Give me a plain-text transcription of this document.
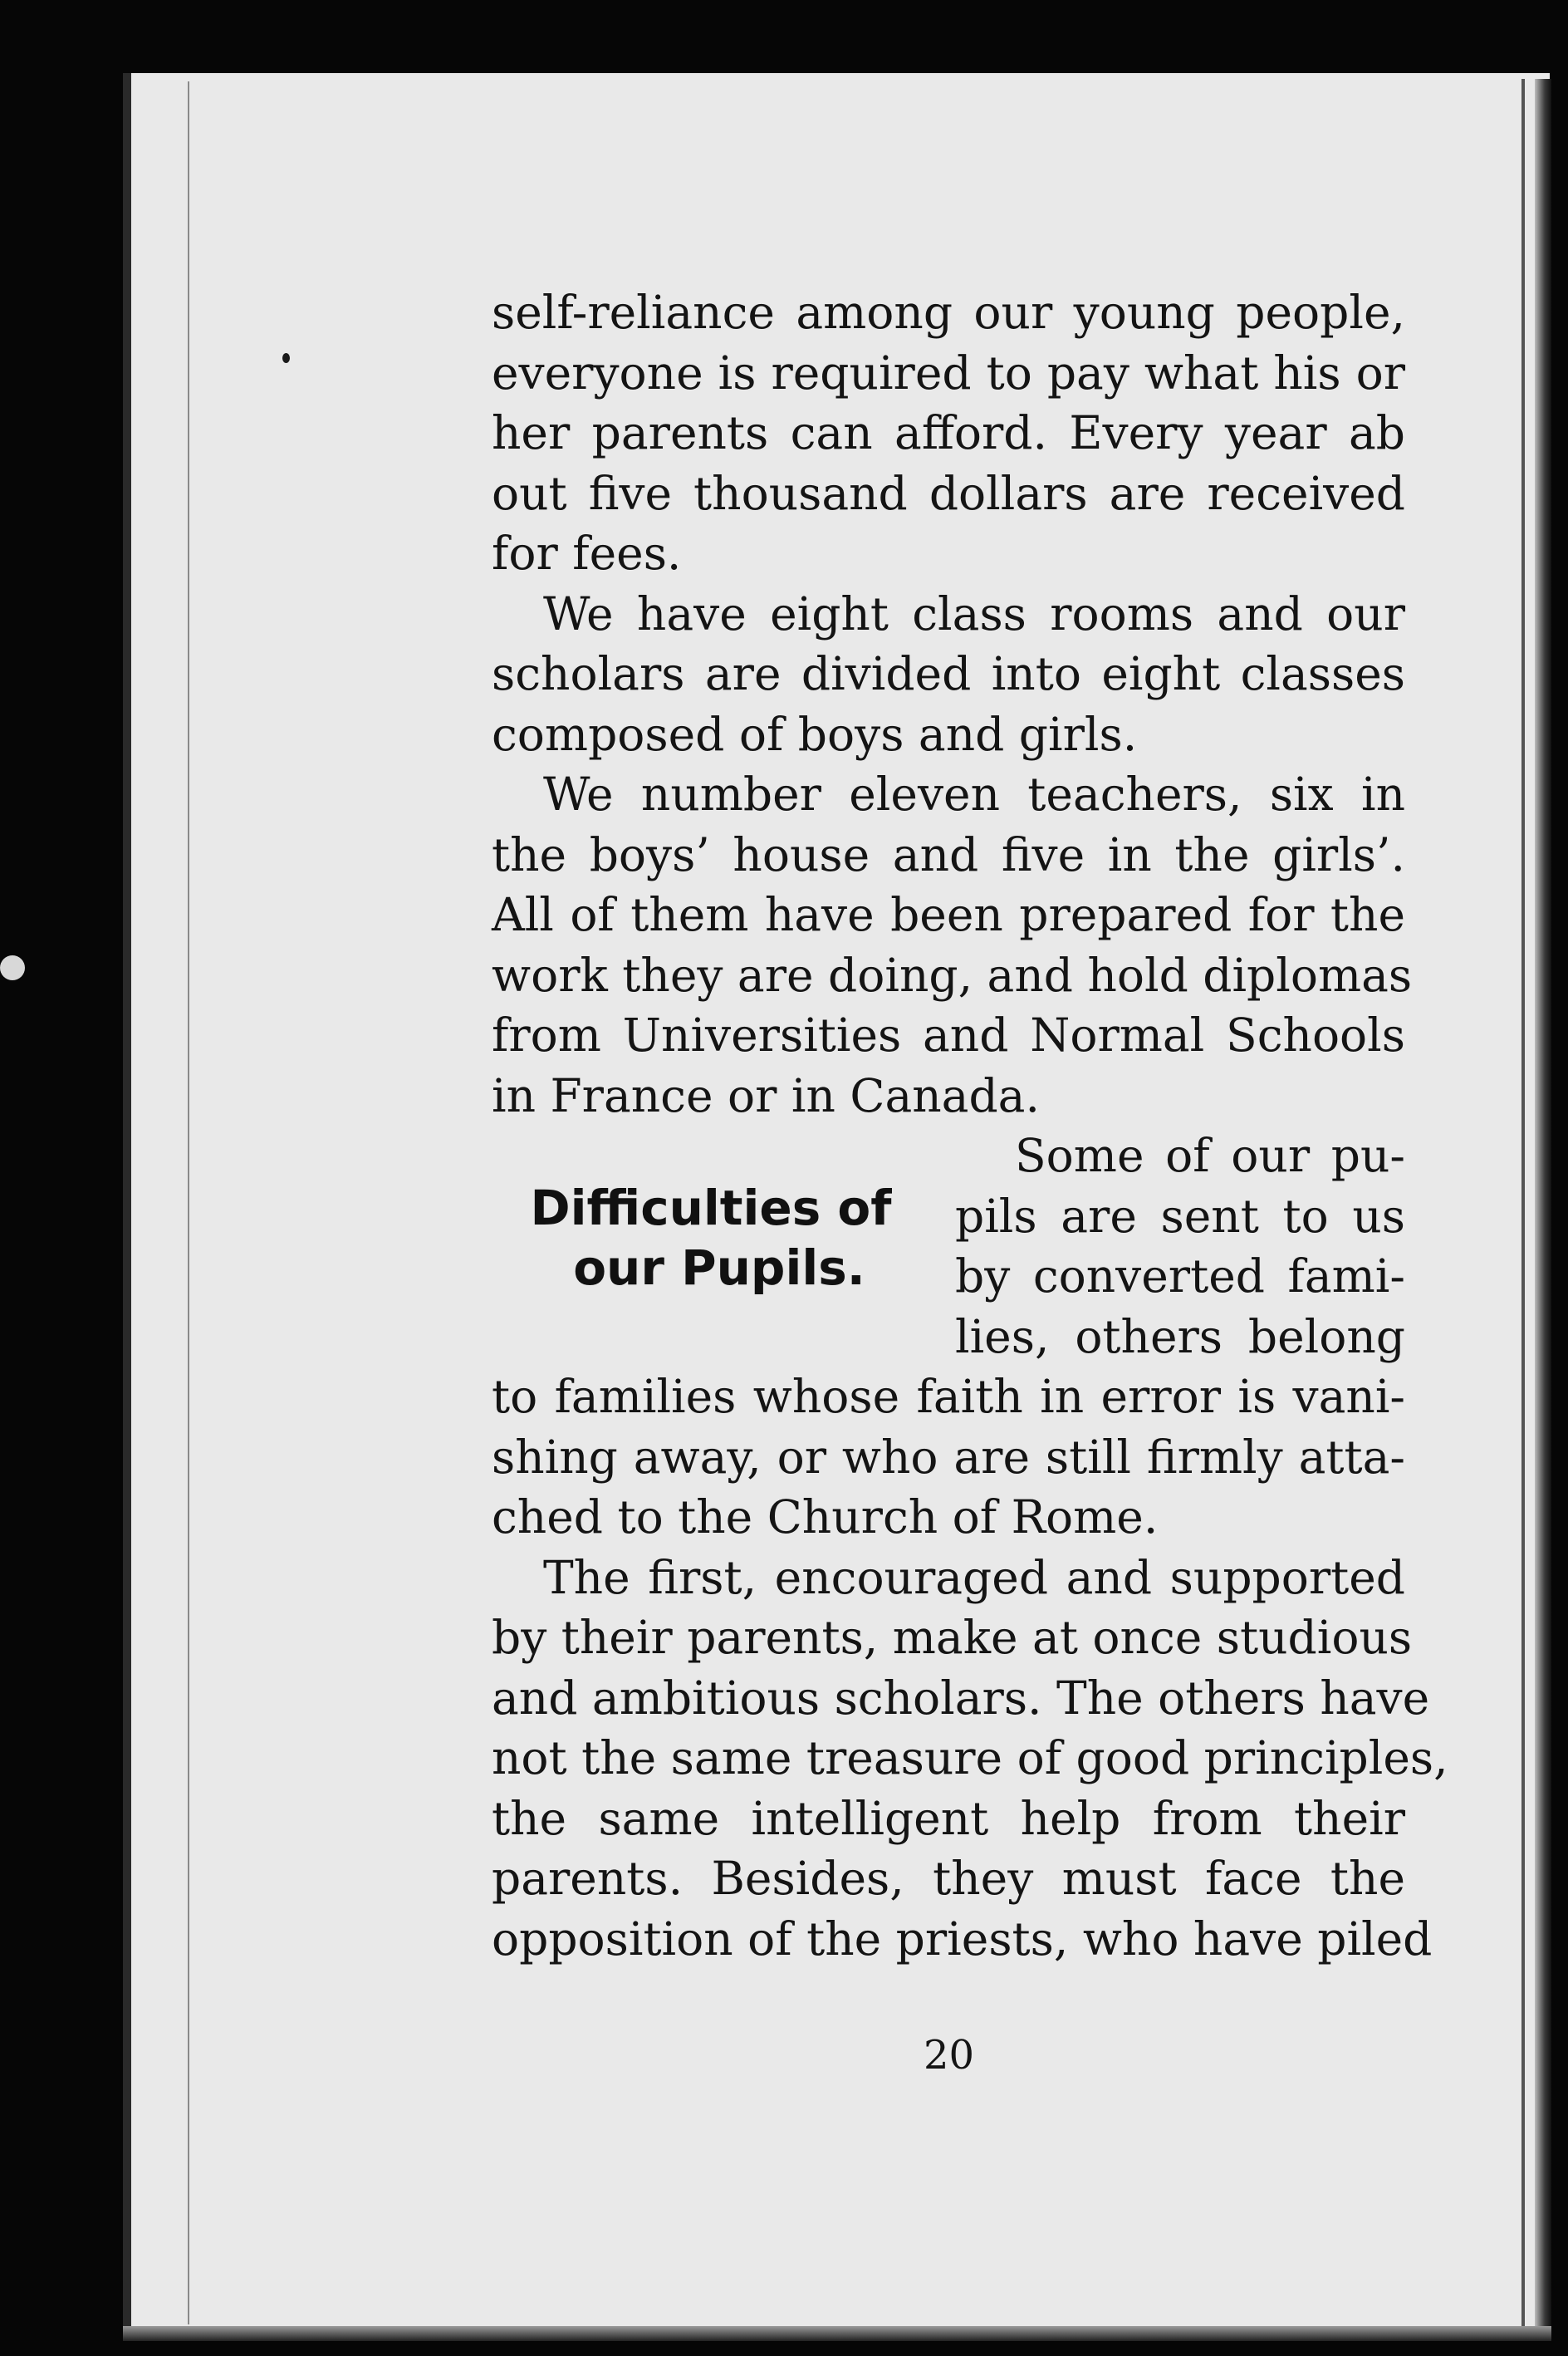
self-reliance among our young people,
everyone is required to pay what his or
her parents can afford. Every year ab
out five thousand dollars are received
for fees.
We have eight class rooms and our
scholars are divided into eight classes
composed of boys and girls.
We number eleven teachers, six in
the boys’ house and five in the girls’.
All of them have been prepared for the
work they are doing, and hold diplomas
from Universities and Normal Schools
in France or in Canada.
Difficulties of
our Pupils.
Some of our pu-
pils are sent to us
by converted fami-
lies, others belong
to families whose faith in error is vani-
shing away, or who are still firmly atta-
ched to the Church of Rome.
The first, encouraged and supported
by their parents, make at once studious
and ambitious scholars. The others have
not the same treasure of good principles,
the same intelligent help from their
parents. Besides, they must face the
opposition of the priests, who have piled
20
